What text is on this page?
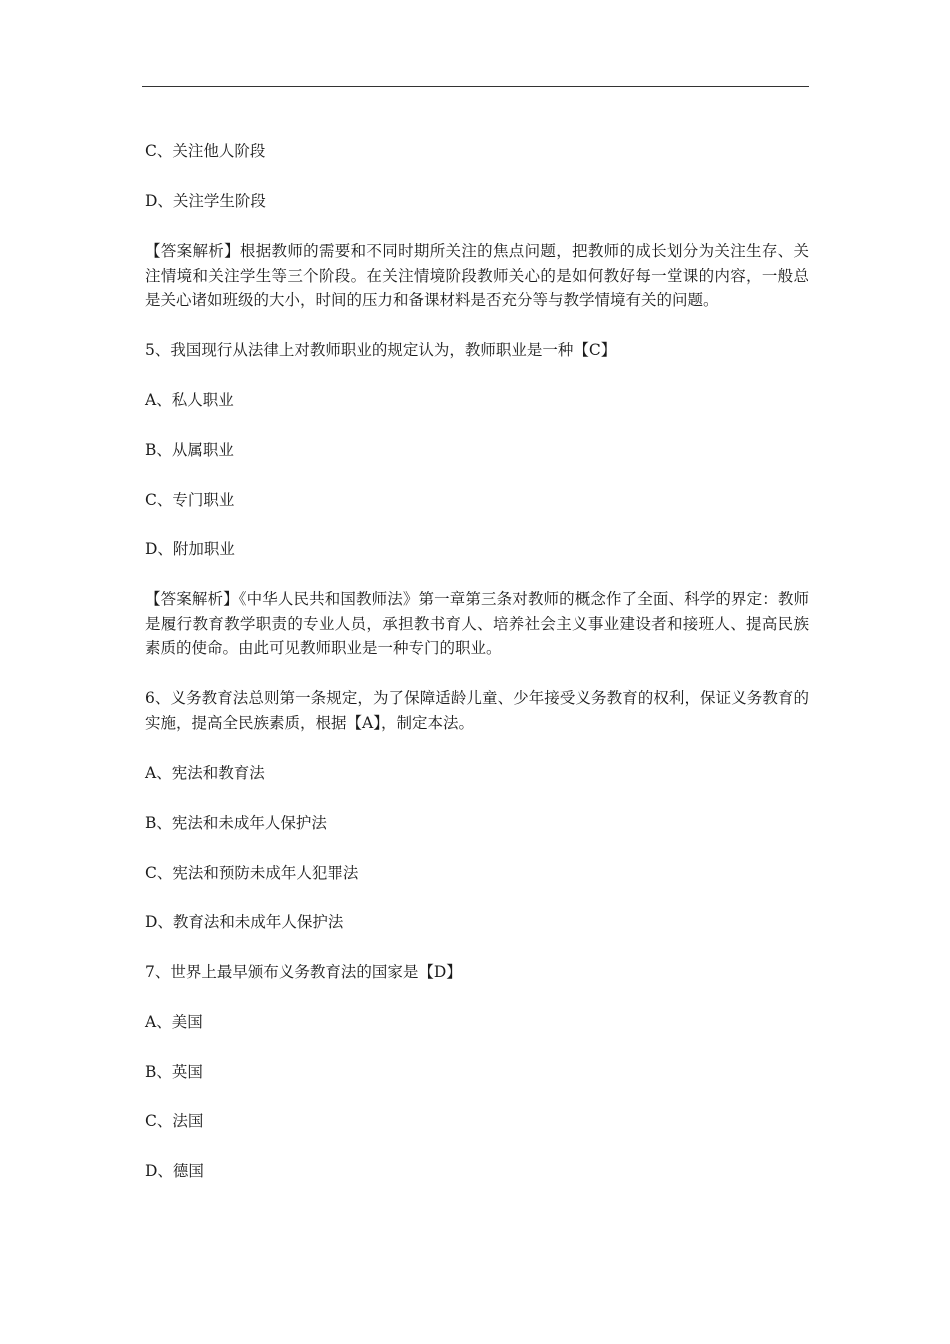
C、关注他人阶段
D、关注学生阶段
【答案解析】根据教师的需要和不同时期所关注的焦点问题，把教师的成长划分为关注生存、关注情境和关注学生等三个阶段。在关注情境阶段教师关心的是如何教好每一堂课的内容，一般总是关心诸如班级的大小，时间的压力和备课材料是否充分等与教学情境有关的问题。
5、我国现行从法律上对教师职业的规定认为，教师职业是一种【C】
A、私人职业
B、从属职业
C、专门职业
D、附加职业
【答案解析】《中华人民共和国教师法》第一章第三条对教师的概念作了全面、科学的界定：教师是履行教育教学职责的专业人员，承担教书育人、培养社会主义事业建设者和接班人、提高民族素质的使命。由此可见教师职业是一种专门的职业。
6、义务教育法总则第一条规定，为了保障适龄儿童、少年接受义务教育的权利，保证义务教育的实施，提高全民族素质，根据【A】，制定本法。
A、宪法和教育法
B、宪法和未成年人保护法
C、宪法和预防未成年人犯罪法
D、教育法和未成年人保护法
7、世界上最早颁布义务教育法的国家是【D】
A、美国
B、英国
C、法国
D、德国
